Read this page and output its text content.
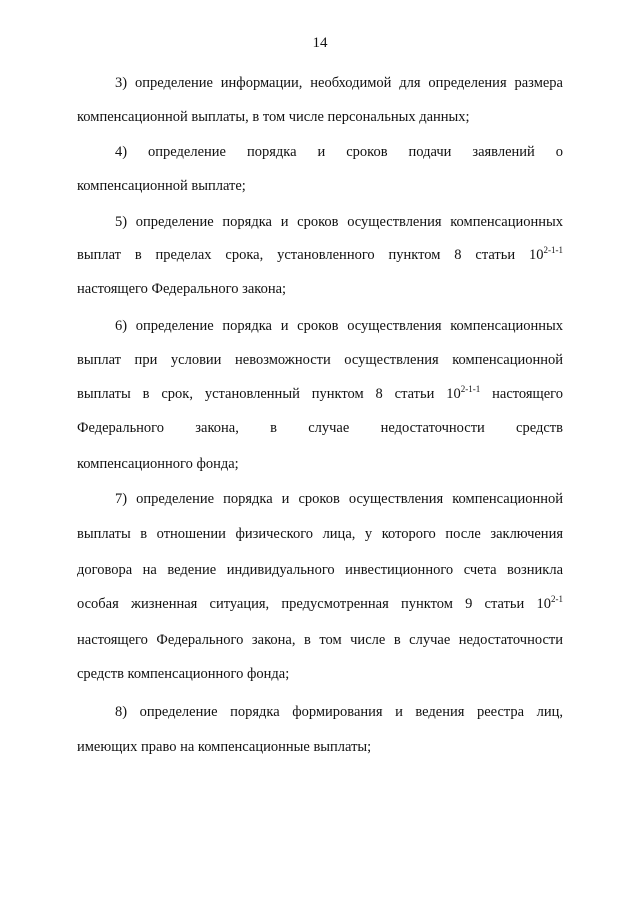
14
3) определение информации, необходимой для определения размера
компенсационной выплаты, в том числе персональных данных;
4) определение порядка и сроков подачи заявлений о
компенсационной выплате;
5) определение порядка и сроков осуществления компенсационных
выплат в пределах срока, установленного пунктом 8 статьи 10$^{2-1-1}$
настоящего Федерального закона;
6) определение порядка и сроков осуществления компенсационных
выплат при условии невозможности осуществления компенсационной
выплаты в срок, установленный пунктом 8 статьи 10$^{2-1-1}$ настоящего
Федерального закона, в случае недостаточности средств
компенсационного фонда;
7) определение порядка и сроков осуществления компенсационной
выплаты в отношении физического лица, у которого после заключения
договора на ведение индивидуального инвестиционного счета возникла
особая жизненная ситуация, предусмотренная пунктом 9 статьи 10$^{2-1}$
настоящего Федерального закона, в том числе в случае недостаточности
средств компенсационного фонда;
8) определение порядка формирования и ведения реестра лиц,
имеющих право на компенсационные выплаты;
